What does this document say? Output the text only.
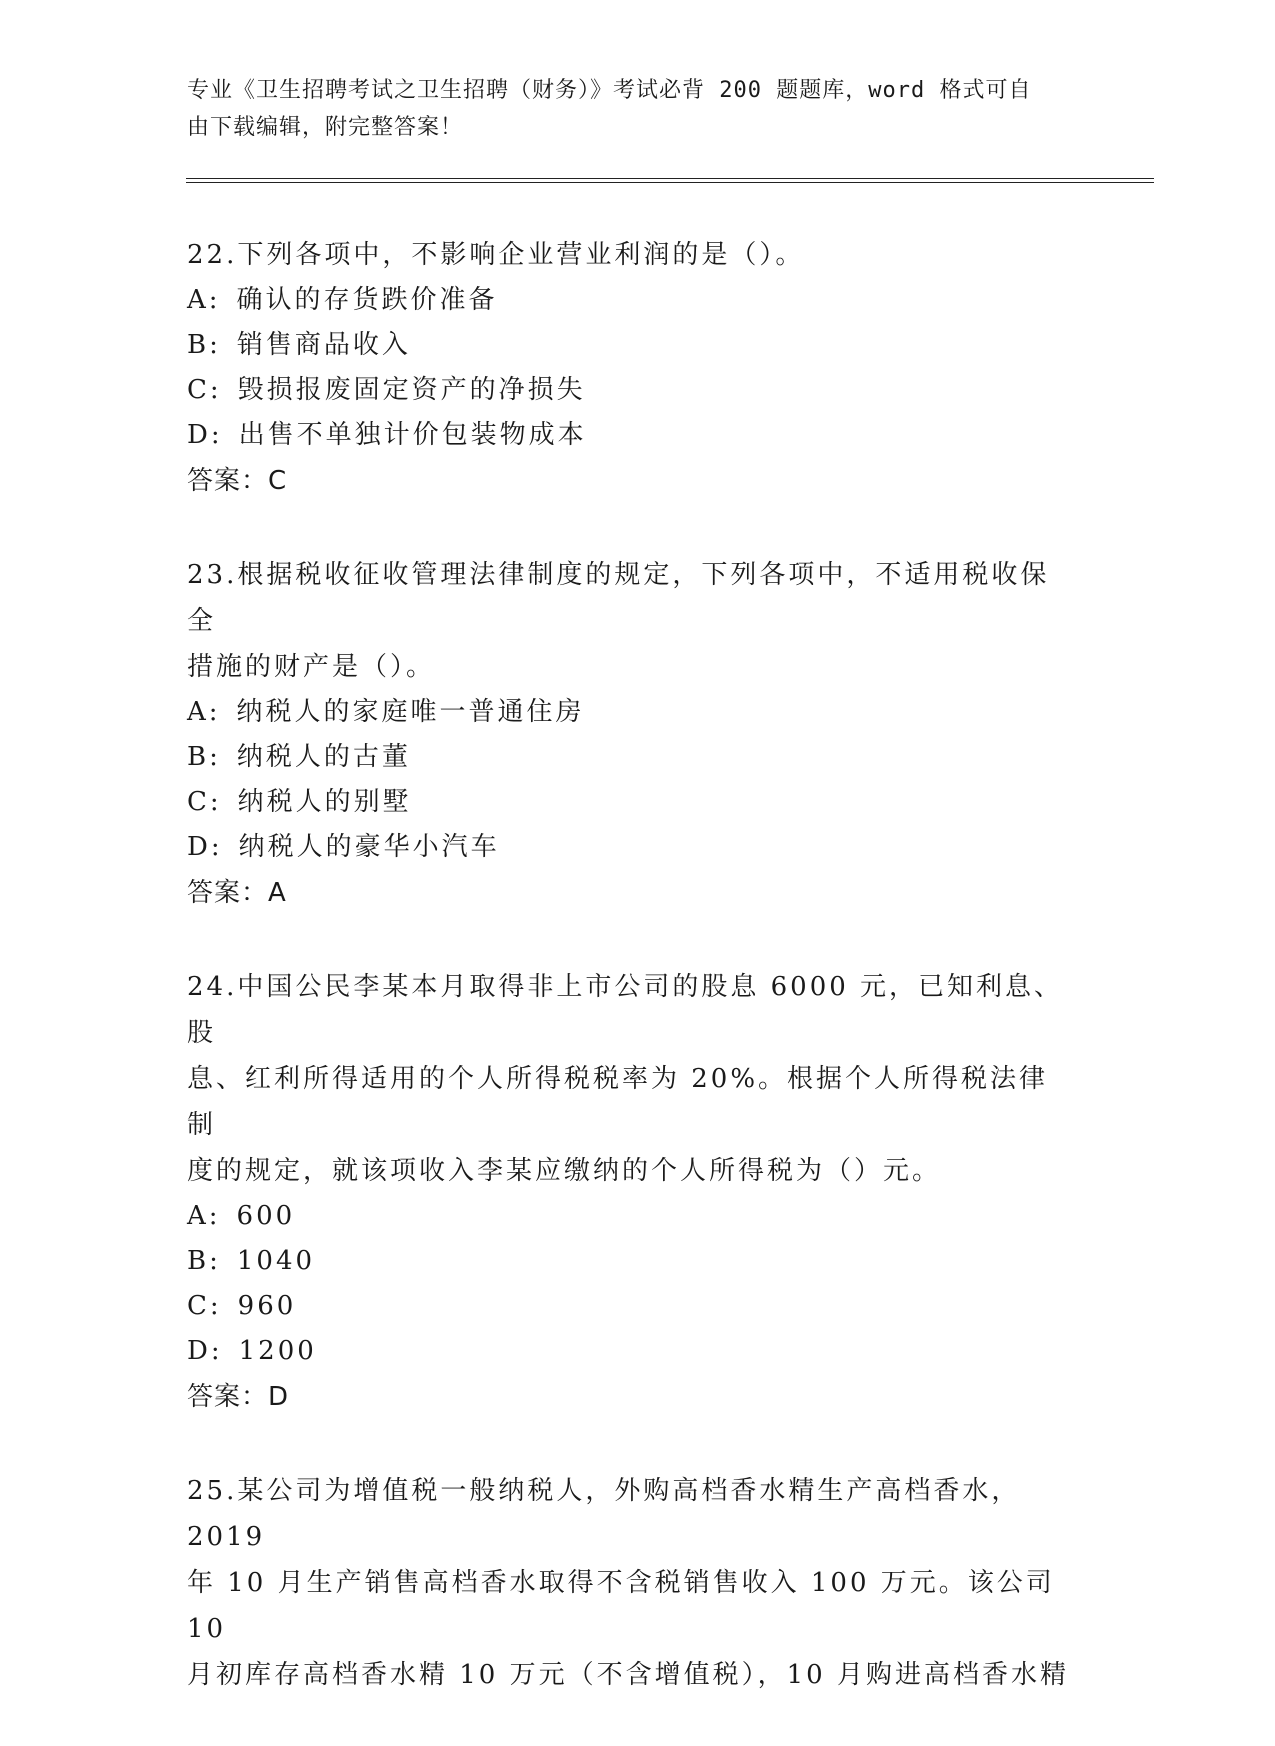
专业《卫生招聘考试之卫生招聘（财务）》考试必背 200 题题库，word 格式可自
由下载编辑，附完整答案！
22.下列各项中，不影响企业营业利润的是（）。
A: 确认的存货跌价准备
B: 销售商品收入
C: 毁损报废固定资产的净损失
D: 出售不单独计价包装物成本
答案：C
23.根据税收征收管理法律制度的规定，下列各项中，不适用税收保全
措施的财产是（）。
A: 纳税人的家庭唯一普通住房
B: 纳税人的古董
C: 纳税人的别墅
D: 纳税人的豪华小汽车
答案：A
24.中国公民李某本月取得非上市公司的股息 6000 元，已知利息、股
息、红利所得适用的个人所得税税率为 20%。根据个人所得税法律制
度的规定，就该项收入李某应缴纳的个人所得税为（）元。
A: 600
B: 1040
C: 960
D: 1200
答案：D
25.某公司为增值税一般纳税人，外购高档香水精生产高档香水，2019
年 10 月生产销售高档香水取得不含税销售收入 100 万元。该公司 10
月初库存高档香水精 10 万元（不含增值税），10 月购进高档香水精
